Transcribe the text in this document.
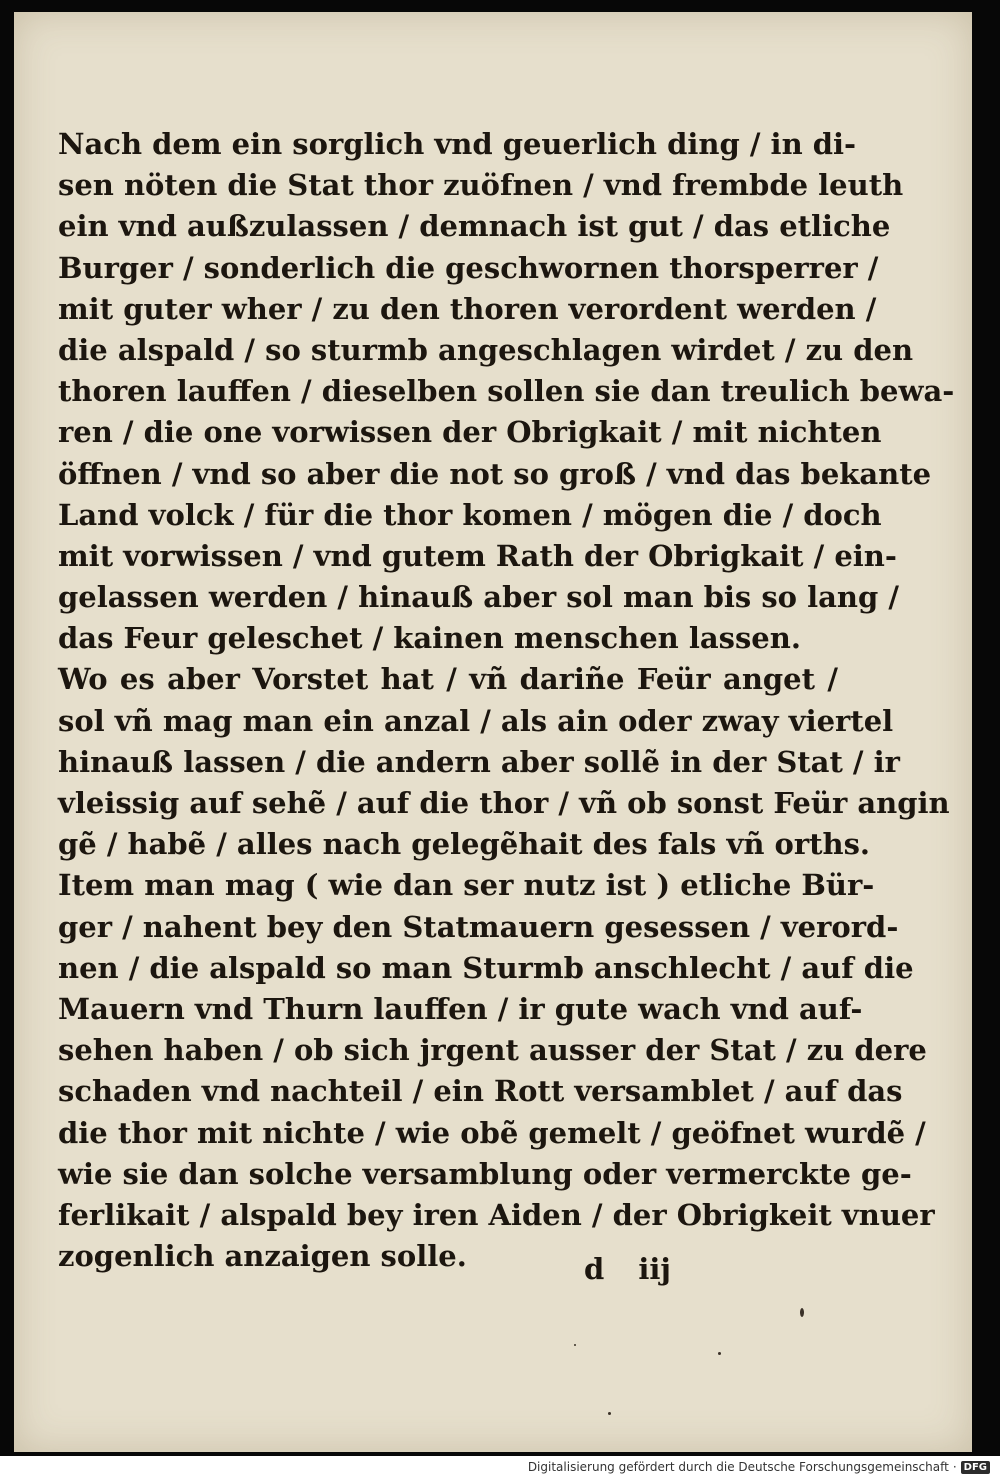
Nach dem ein sorglich vnd geuerlich ding / in di-
sen nöten die Stat thor zuöfnen / vnd frembde leuth
ein vnd außzulassen / demnach ist gut / das etliche
Burger / sonderlich die geschwornen thorsperrer /
mit guter wher / zu den thoren verordent werden /
die alspald / so sturmb angeschlagen wirdet / zu den
thoren lauffen / dieselben sollen sie dan treulich bewa-
ren / die one vorwissen der Obrigkait / mit nichten
öffnen / vnd so aber die not so groß / vnd das bekante
Land volck / für die thor komen / mögen die / doch
mit vorwissen / vnd gutem Rath der Obrigkait / ein-
gelassen werden / hinauß aber sol man bis so lang /
das Feur geleschet / kainen menschen lassen.
Wo es aber Vorstet hat / vñ dariñe Feür anget /
sol vñ mag man ein anzal / als ain oder zway viertel
hinauß lassen / die andern aber sollẽ in der Stat / ir
vleissig auf sehẽ / auf die thor / vñ ob sonst Feür angin
gẽ / habẽ / alles nach gelegẽhait des fals vñ orths.
Item man mag ( wie dan ser nutz ist ) etliche Bür-
ger / nahent bey den Statmauern gesessen / verord-
nen / die alspald so man Sturmb anschlecht / auf die
Mauern vnd Thurn lauffen / ir gute wach vnd auf-
sehen haben / ob sich jrgent ausser der Stat / zu dere
schaden vnd nachteil / ein Rott versamblet / auf das
die thor mit nichte / wie obẽ gemelt / geöfnet wurdẽ /
wie sie dan solche versamblung oder vermerckte ge-
ferlikait / alspald bey iren Aiden / der Obrigkeit vnuer
zogenlich anzaigen solle.	d iij
Digitalisierung gefördert durch die Deutsche Forschungsgemeinschaft · DFG
